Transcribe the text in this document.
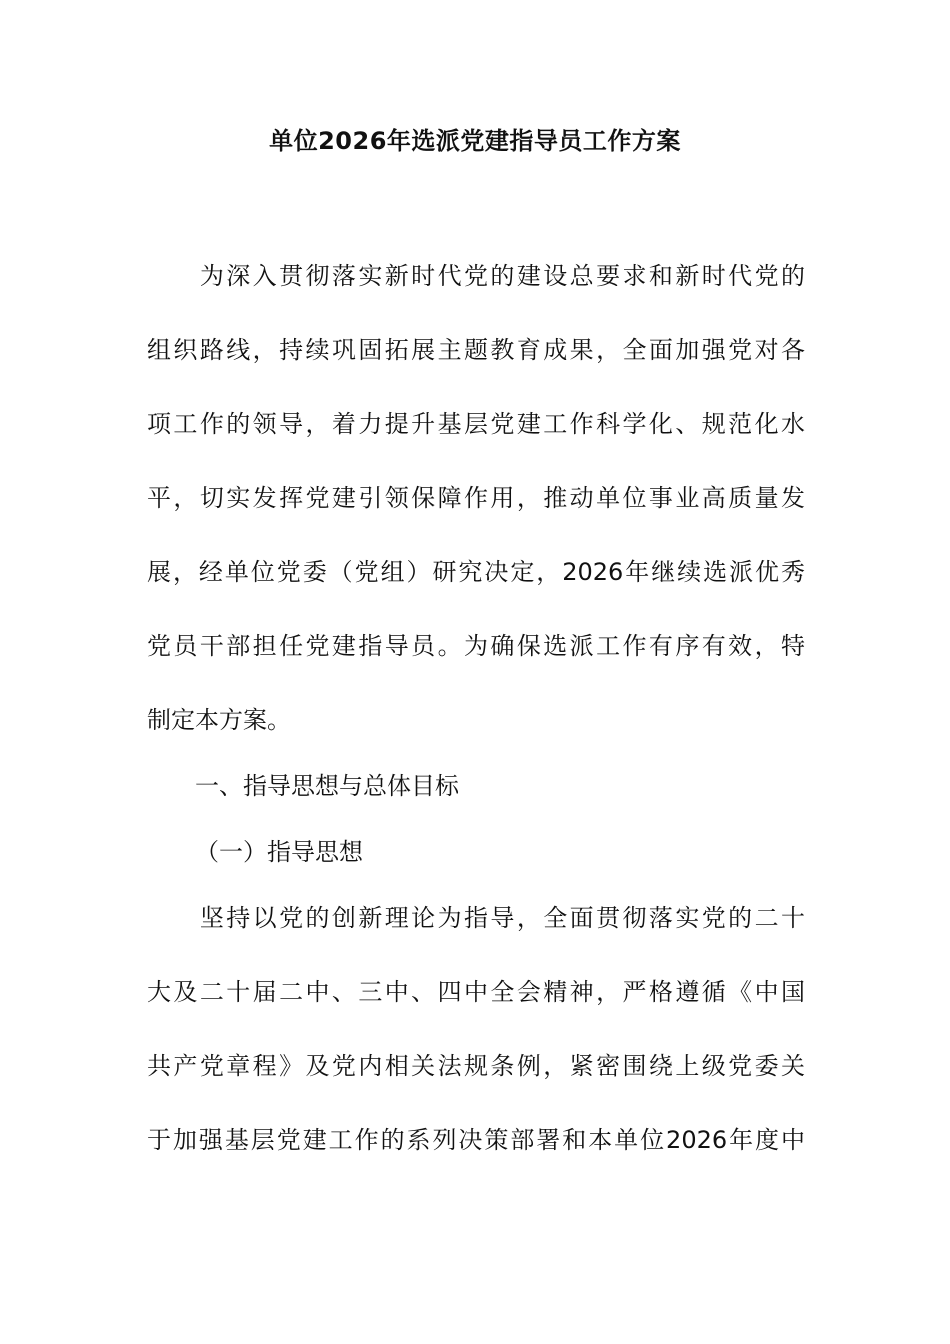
单位2026年选派党建指导员工作方案
　　为深入贯彻落实新时代党的建设总要求和新时代党的
组织路线，持续巩固拓展主题教育成果，全面加强党对各
项工作的领导，着力提升基层党建工作科学化、规范化水
平，切实发挥党建引领保障作用，推动单位事业高质量发
展，经单位党委（党组）研究决定，2026年继续选派优秀
党员干部担任党建指导员。为确保选派工作有序有效，特
制定本方案。
一、指导思想与总体目标
（一）指导思想
　　坚持以党的创新理论为指导，全面贯彻落实党的二十
大及二十届二中、三中、四中全会精神，严格遵循《中国
共产党章程》及党内相关法规条例，紧密围绕上级党委关
于加强基层党建工作的系列决策部署和本单位2026年度中
